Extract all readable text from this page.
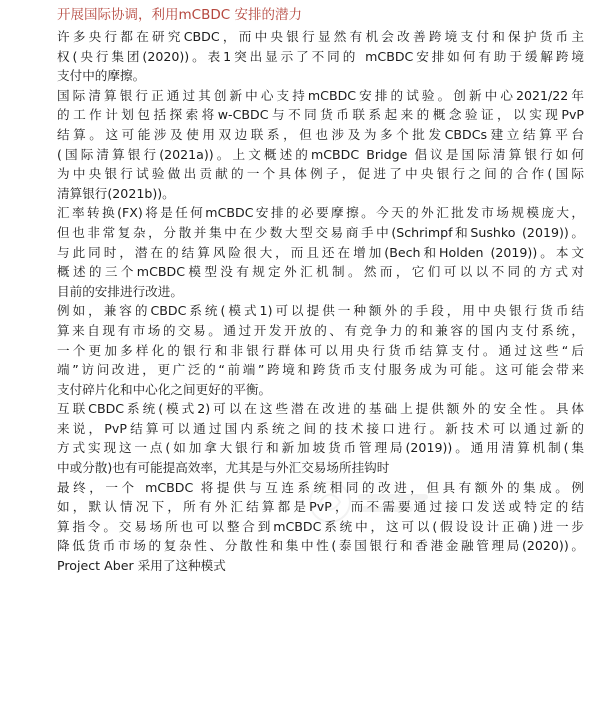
开展国际协调，利用mCBDC 安排的潜力

许多央行都在研究CBDC，而中央银行显然有机会改善跨境支付和保护货币主
权(央行集团(2020))。表1突出显示了不同的 mCBDC安排如何有助于缓解跨境
支付中的摩擦。

国际清算银行正通过其创新中心支持mCBDC安排的试验。创新中心2021/22年
的工作计划包括探索将w-CBDC与不同货币联系起来的概念验证，以实现PvP
结算。这可能涉及使用双边联系，但也涉及为多个批发CBDCs建立结算平台
(国际清算银行(2021a))。上文概述的mCBDC Bridge 倡议是国际清算银行如何
为中央银行试验做出贡献的一个具体例子，促进了中央银行之间的合作(国际
清算银行(2021b))。

汇率转换(FX)将是任何mCBDC安排的必要摩擦。今天的外汇批发市场规模庞大，
但也非常复杂，分散并集中在少数大型交易商手中(Schrimpf和Sushko (2019))。
与此同时，潜在的结算风险很大，而且还在增加(Bech和Holden (2019))。本文
概述的三个mCBDC模型没有规定外汇机制。然而，它们可以以不同的方式对
目前的安排进行改进。

例如，兼容的CBDC系统(模式1)可以提供一种额外的手段，用中央银行货币结
算来自现有市场的交易。通过开发开放的、有竞争力的和兼容的国内支付系统，
一个更加多样化的银行和非银行群体可以用央行货币结算支付。通过这些“后
端”访问改进，更广泛的“前端”跨境和跨货币支付服务成为可能。这可能会带来
支付碎片化和中心化之间更好的平衡。

互联CBDC系统(模式2)可以在这些潜在改进的基础上提供额外的安全性。具体
来说，PvP结算可以通过国内系统之间的技术接口进行。新技术可以通过新的
方式实现这一点(如加拿大银行和新加坡货币管理局(2019))。通用清算机制(集
中或分散)也有可能提高效率，尤其是与外汇交易场所挂钩时

最终，一个 mCBDC 将提供与互连系统相同的改进，但具有额外的集成。例
如，默认情况下，所有外汇结算都是PvP，而不需要通过接口发送或特定的结
算指令。交易场所也可以整合到mCBDC系统中，这可以(假设设计正确)进一步
降低货币市场的复杂性、分散性和集中性(泰国银行和香港金融管理局(2020))。
Project Aber 采用了这种模式
